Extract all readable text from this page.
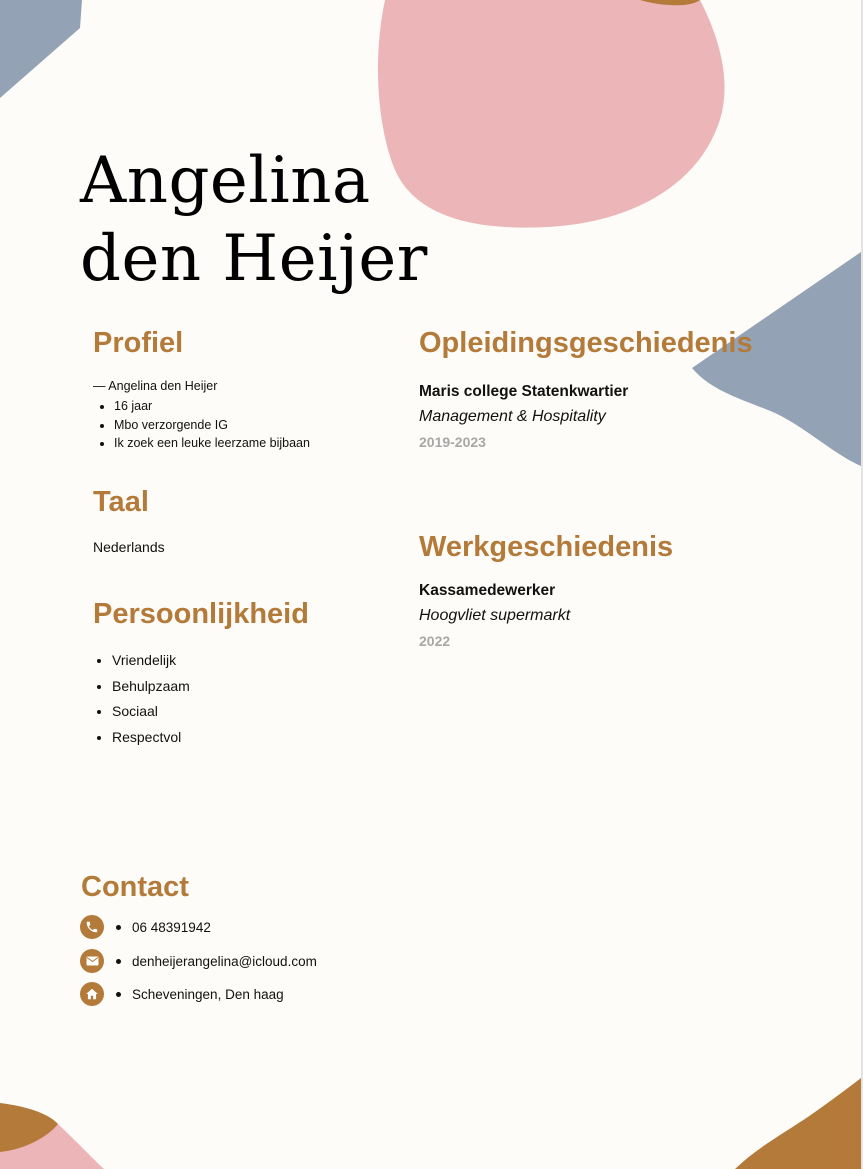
Angelina
den Heijer
Profiel
— Angelina den Heijer
• 16 jaar
• Mbo verzorgende IG
• Ik zoek een leuke leerzame bijbaan
Taal
Nederlands
Persoonlijkheid
• Vriendelijk
• Behulpzaam
• Sociaal
• Respectvol
Opleidingsgeschiedenis
Maris college Statenkwartier
Management & Hospitality
2019-2023
Werkgeschiedenis
Kassamedewerker
Hoogvliet supermarkt
2022
Contact
06 48391942
denheijerangelina@icloud.com
Scheveningen, Den haag
